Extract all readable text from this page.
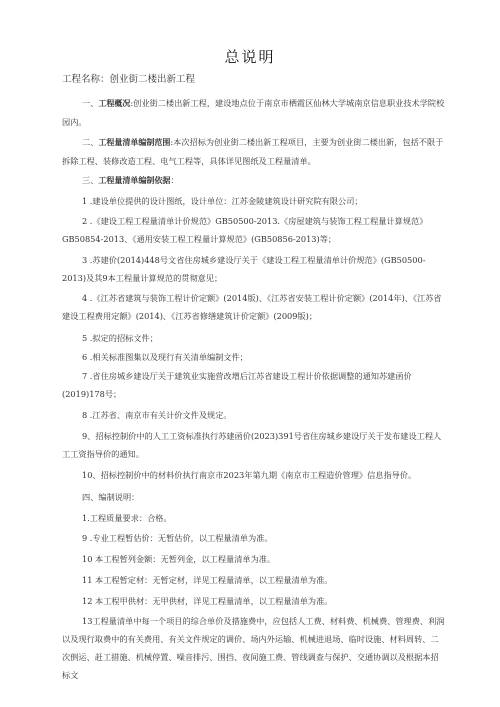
总说明
工程名称：创业街二楼出新工程
一、工程概况:创业街二楼出新工程，建设地点位于南京市栖霞区仙林大学城南京信息职业技术学院校园内。
二、工程量清单编制范围:本次招标为创业街二楼出新工程项目，主要为创业街二楼出新，包括不限于拆除工程、装修改造工程、电气工程等，具体详见图纸及工程量清单。
三、工程量清单编制依据：
1 .建设单位提供的设计图纸，设计单位：江苏金陵建筑设计研究院有限公司；
2 .《建设工程工程量清单计价规范》GB50500-2013.《房屋建筑与装饰工程工程量计算规范》GB50854-2013、《通用安装工程工程量计算规范》(GB50856-2013)等；
3 .苏建价(2014)448号文省住房城乡建设厅关于《建设工程工程量清单计价规范》(GB50500-2013)及其9本工程量计算规范的贯彻意见；
4 .《江苏省建筑与装饰工程计价定额》(2014版)、《江苏省安装工程计价定额》(2014年)、《江苏省建设工程费用定额》(2014)、《江苏省修缮建筑计价定额》(2009版)；
5 .拟定的招标文件；
6 .相关标准图集以及现行有关清单编制文件；
7 .省住房城乡建设厅关于建筑业实施营改增后江苏省建设工程计价依据调整的通知苏建函价(2019)178号；
8 .江苏省、南京市有关计价文件及规定。
9、招标控制价中的人工工资标准执行苏建函价(2023)391号省住房城乡建设厅关于发布建设工程人工工资指导价的通知。
10、招标控制价中的材料价执行南京市2023年第九期《南京市工程造价管理》信息指导价。
四、编制说明：
1.工程质量要求：合格。
9 .专业工程暂估价：无暂估价，以工程量清单为准。
10 本工程暂列金额：无暂列金，以工程量清单为准。
11 本工程暂定材：无暂定材，详见工程量清单，以工程量清单为准。
12 本工程甲供材：无甲供材，详见工程量清单，以工程量清单为准。
13工程量清单中每一个项目的综合单价及措施费中，应包括人工费、材料费、机械费、管理费、利润以及现行取费中的有关费用、有关文件规定的调价、场内外运输、机械进退场、临时设施、材料周转、二次倒运、赶工措施、机械停置、噪音排污、围挡、夜间施工费、管线调查与保护、交通协调以及根据本招标文
